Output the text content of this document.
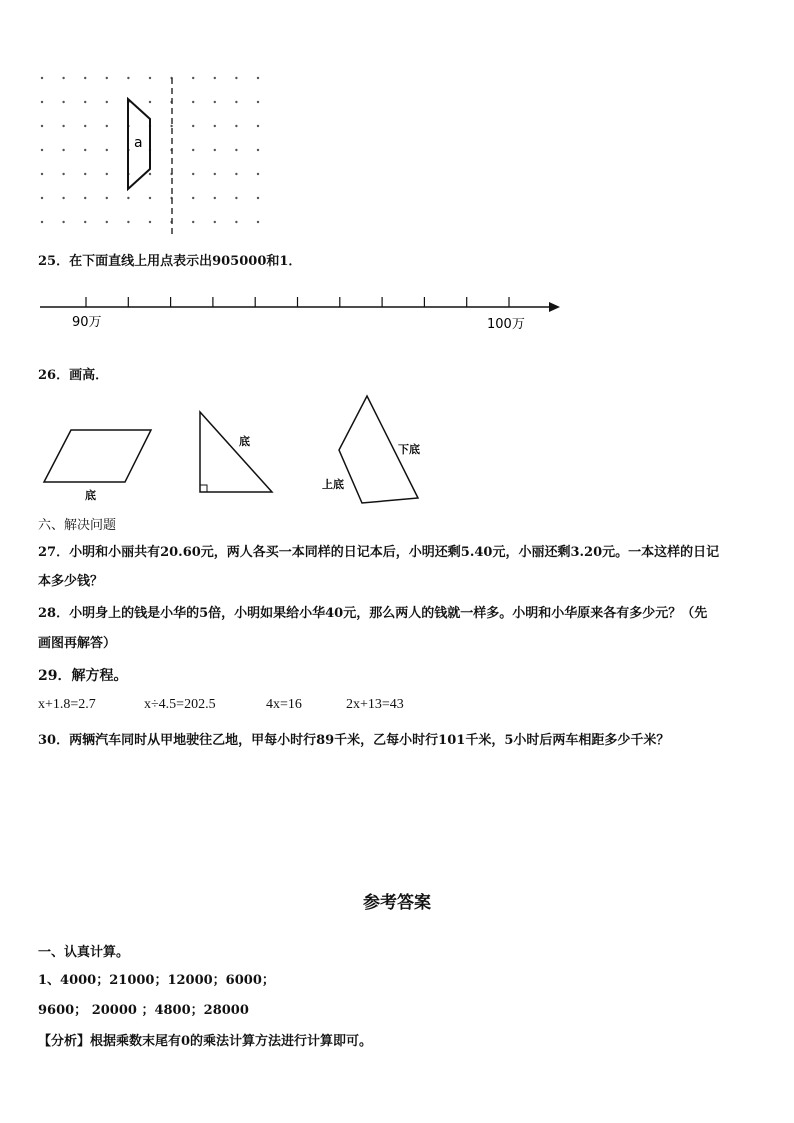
a
25．在下面直线上用点表示出905000和1．
90万	100万
26．画高．
底
底
下底
上底
六、解决问题
27．小明和小丽共有20.60元，两人各买一本同样的日记本后，小明还剩5.40元，小丽还剩3.20元。一本这样的日记
本多少钱？
28．小明身上的钱是小华的5倍，小明如果给小华40元，那么两人的钱就一样多。小明和小华原来各有多少元？（先
画图再解答）
29．解方程。
x+1.8=2.7	x÷4.5=202.5	4x=16	2x+13=43
30．两辆汽车同时从甲地驶往乙地，甲每小时行89千米，乙每小时行101千米，5小时后两车相距多少千米？
参考答案
一、认真计算。
1、4000；21000；12000；6000；
9600； 20000 ；4800；28000
【分析】根据乘数末尾有0的乘法计算方法进行计算即可。
